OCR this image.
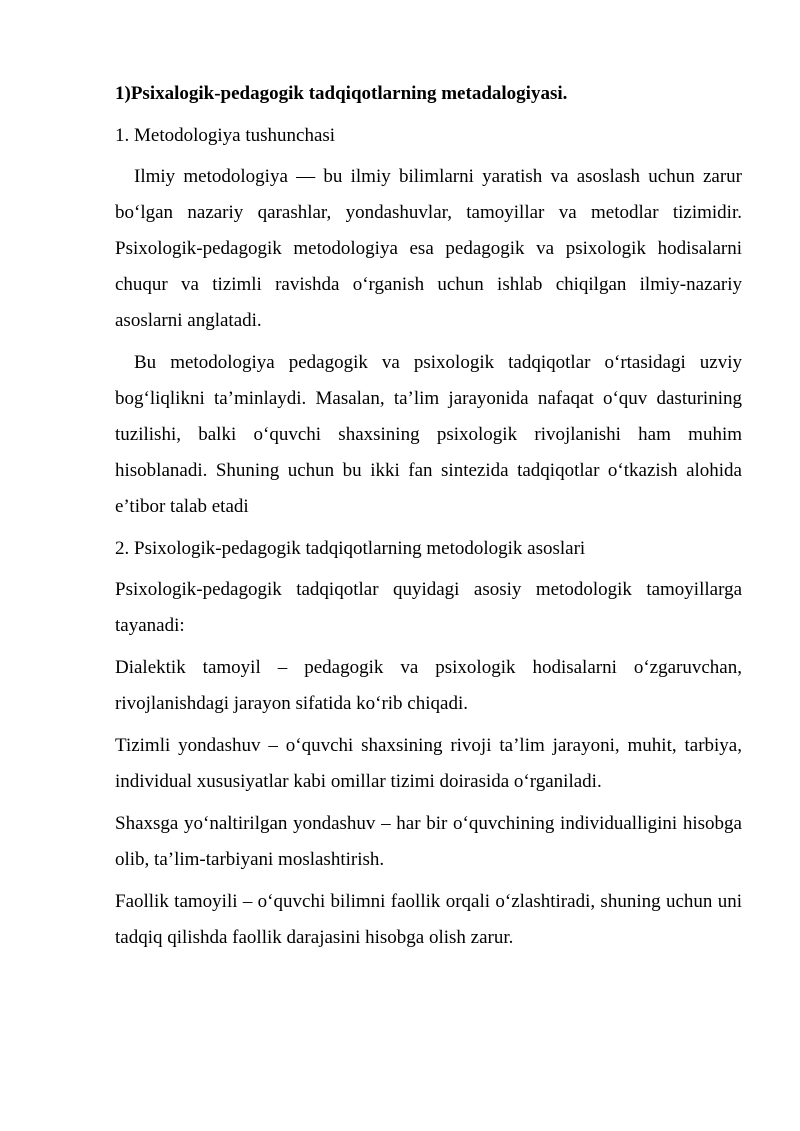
1)Psixalogik-pedagogik tadqiqotlarning metadalogiyasi.

1. Metodologiya tushunchasi

Ilmiy metodologiya — bu ilmiy bilimlarni yaratish va asoslash uchun zarur bo‘lgan nazariy qarashlar, yondashuvlar, tamoyillar va metodlar tizimidir. Psixologik-pedagogik metodologiya esa pedagogik va psixologik hodisalarni chuqur va tizimli ravishda o‘rganish uchun ishlab chiqilgan ilmiy-nazariy asoslarni anglatadi.

Bu metodologiya pedagogik va psixologik tadqiqotlar o‘rtasidagi uzviy bog‘liqlikni ta’minlaydi. Masalan, ta’lim jarayonida nafaqat o‘quv dasturining tuzilishi, balki o‘quvchi shaxsining psixologik rivojlanishi ham muhim hisoblanadi. Shuning uchun bu ikki fan sintezida tadqiqotlar o‘tkazish alohida e’tibor talab etadi

2. Psixologik-pedagogik tadqiqotlarning metodologik asoslari

Psixologik-pedagogik tadqiqotlar quyidagi asosiy metodologik tamoyillarga tayanadi:

Dialektik tamoyil – pedagogik va psixologik hodisalarni o‘zgaruvchan, rivojlanishdagi jarayon sifatida ko‘rib chiqadi.

Tizimli yondashuv – o‘quvchi shaxsining rivoji ta’lim jarayoni, muhit, tarbiya, individual xususiyatlar kabi omillar tizimi doirasida o‘rganiladi.

Shaxsga yo‘naltirilgan yondashuv – har bir o‘quvchining individualligini hisobga olib, ta’lim-tarbiyani moslashtirish.

Faollik tamoyili – o‘quvchi bilimni faollik orqali o‘zlashtiradi, shuning uchun uni tadqiq qilishda faollik darajasini hisobga olish zarur.
